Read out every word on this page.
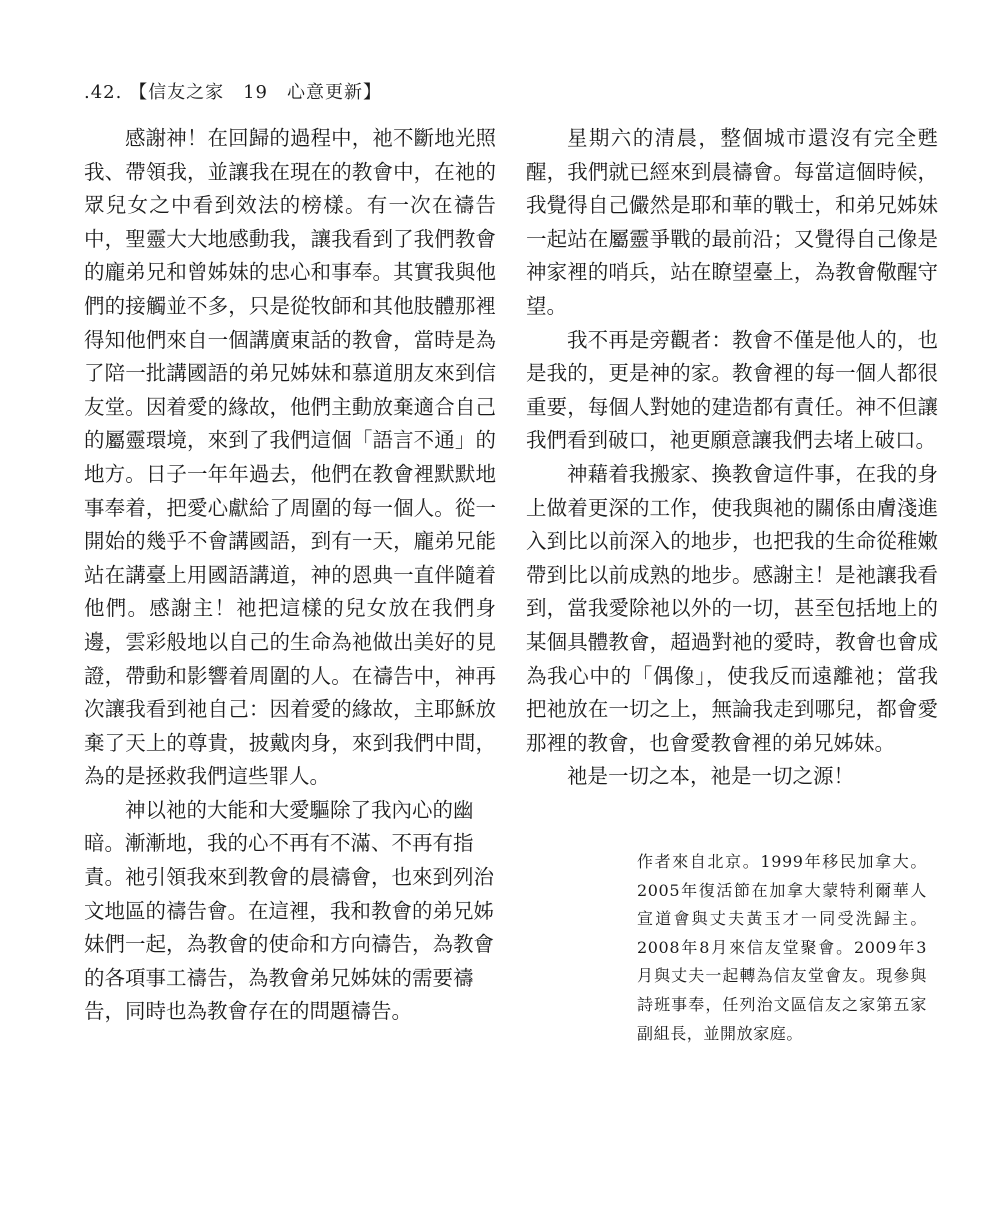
.42. 【信友之家　19　心意更新】

感謝神！在回歸的過程中，祂不斷地光照我、帶領我，並讓我在現在的教會中，在祂的眾兒女之中看到效法的榜樣。有一次在禱告中，聖靈大大地感動我，讓我看到了我們教會的龐弟兄和曾姊妹的忠心和事奉。其實我與他們的接觸並不多，只是從牧師和其他肢體那裡得知他們來自一個講廣東話的教會，當時是為了陪一批講國語的弟兄姊妹和慕道朋友來到信友堂。因着愛的緣故，他們主動放棄適合自己的屬靈環境，來到了我們這個「語言不通」的地方。日子一年年過去，他們在教會裡默默地事奉着，把愛心獻給了周圍的每一個人。從一開始的幾乎不會講國語，到有一天，龐弟兄能站在講臺上用國語講道，神的恩典一直伴隨着他們。感謝主！祂把這樣的兒女放在我們身邊，雲彩般地以自己的生命為祂做出美好的見證，帶動和影響着周圍的人。在禱告中，神再次讓我看到祂自己：因着愛的緣故，主耶穌放棄了天上的尊貴，披戴肉身，來到我們中間，為的是拯救我們這些罪人。

神以祂的大能和大愛驅除了我內心的幽暗。漸漸地，我的心不再有不滿、不再有指責。祂引領我來到教會的晨禱會，也來到列治文地區的禱告會。在這裡，我和教會的弟兄姊妹們一起，為教會的使命和方向禱告，為教會的各項事工禱告，為教會弟兄姊妹的需要禱告，同時也為教會存在的問題禱告。

星期六的清晨，整個城市還沒有完全甦醒，我們就已經來到晨禱會。每當這個時候，我覺得自己儼然是耶和華的戰士，和弟兄姊妹一起站在屬靈爭戰的最前沿；又覺得自己像是神家裡的哨兵，站在瞭望臺上，為教會儆醒守望。

我不再是旁觀者：教會不僅是他人的，也是我的，更是神的家。教會裡的每一個人都很重要，每個人對她的建造都有責任。神不但讓我們看到破口，祂更願意讓我們去堵上破口。

神藉着我搬家、換教會這件事，在我的身上做着更深的工作，使我與祂的關係由膚淺進入到比以前深入的地步，也把我的生命從稚嫩帶到比以前成熟的地步。感謝主！是祂讓我看到，當我愛除祂以外的一切，甚至包括地上的某個具體教會，超過對祂的愛時，教會也會成為我心中的「偶像」，使我反而遠離祂；當我把祂放在一切之上，無論我走到哪兒，都會愛那裡的教會，也會愛教會裡的弟兄姊妹。

祂是一切之本，祂是一切之源！

作者來自北京。1999年移民加拿大。2005年復活節在加拿大蒙特利爾華人宣道會與丈夫黃玉才一同受洗歸主。2008年8月來信友堂聚會。2009年3月與丈夫一起轉為信友堂會友。現參與詩班事奉，任列治文區信友之家第五家副組長，並開放家庭。
